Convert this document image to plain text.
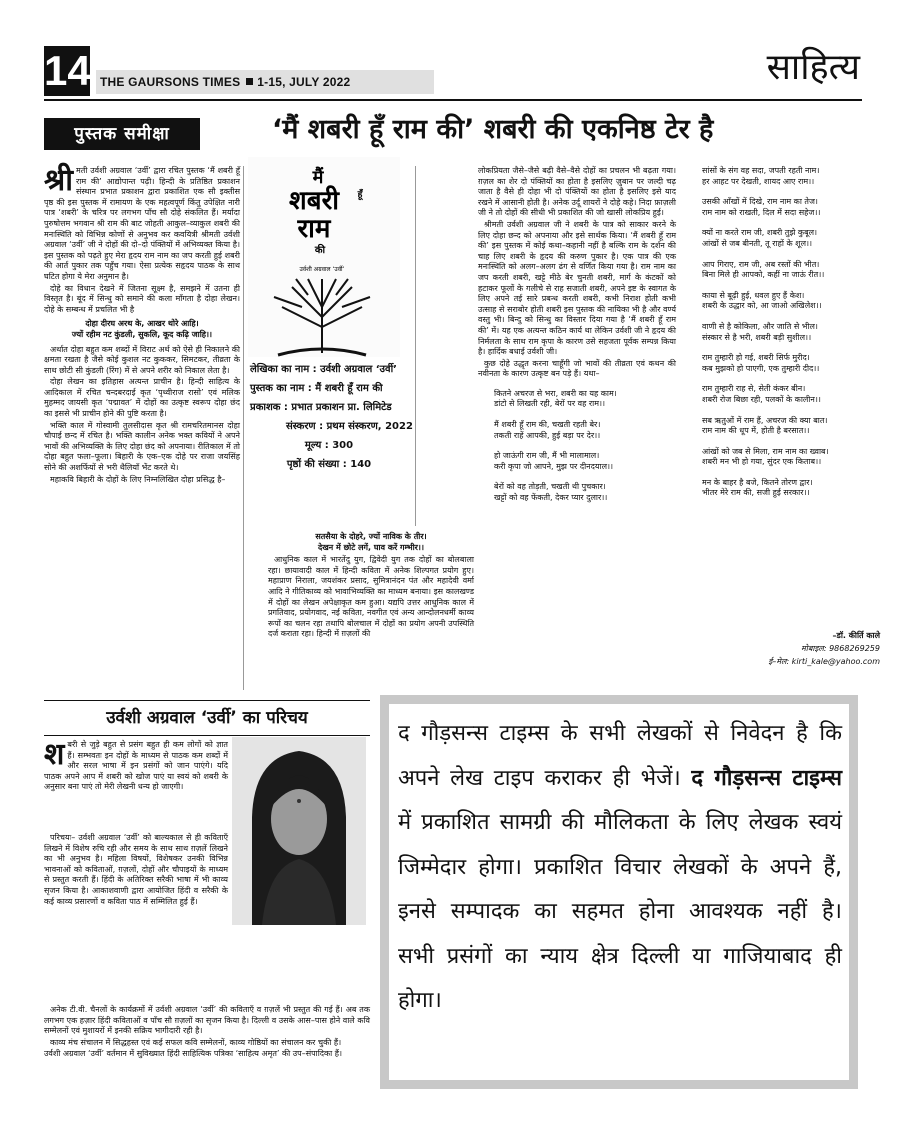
14 THE GAURSONS TIMES 1-15, JULY 2022	साहित्य
पुस्तक समीक्षा	‘मैं शबरी हूँ राम की’ शबरी की एकनिष्ठ टेर है

श्री मती उर्वशी अग्रवाल ‘उर्वी’ द्वारा रचित पुस्तक ‘मैं शबरी हूँ राम की’ आद्योपान्त पढ़ी। हिन्दी के प्रतिष्ठित प्रकाशन संस्थान प्रभात प्रकाशन द्वारा प्रकाशित एक सौ इक्तीस पृष्ठ की इस पुस्तक में रामायण के एक महत्वपूर्ण किंतु उपेक्षित नारी पात्र ‘शबरी’ के चरित्र पर लगभग पाँच सौ दोहे संकलित हैं। मर्यादा पुरुषोत्तम भगवान श्री राम की बाट जोहती आकुल–व्याकुल शबरी की मनःस्थिति को विभिन्न कोणों से अनुभव कर कवयित्री श्रीमती उर्वशी अग्रवाल ‘उर्वी’ जी ने दोहों की दो–दो पंक्तियों में अभिव्यक्त किया है। इस पुस्तक को पढ़ते हुए मेरा हृदय राम नाम का जप करती हुई शबरी की आर्त पुकार तक पहुँच गया। ऐसा प्रत्येक सहृदय पाठक के साथ घटित होगा ये मेरा अनुमान है।

दोहे का विधान देखने में जितना सूक्ष्म है, समझने में उतना ही विस्तृत है। बूंद में सिन्धु को समाने की कला माँगता है दोहा लेखन। दोहे के सम्बन्ध में प्रचलित भी है

दोहा दीरघ अरथ के, आखर थोरे आहि।
ज्यों रहीम नट कुंडली, सुकलि, कूद कढ़ि जाहि।।

अर्थात दोहा बहुत कम शब्दों में विराट अर्थ को ऐसे ही निकालने की क्षमता रखता है जैसे कोई कुशल नट कुककर, सिमटकर, तीव्रता के साथ छोटी सी कुंडली (रिंग) में से अपने शरीर को निकाल लेता है।

दोहा लेखन का इतिहास अत्यन्त प्राचीन है। हिन्दी साहित्य के आदिकाल में रचित चन्दबरदाई कृत ‘पृथ्वीराज रासो’ एवं मलिक मुहम्मद जायसी कृत ‘पद्मावत’ में दोहों का उत्कृष्ट स्वरूप दोहा छंद का इससे भी प्राचीन होने की पुष्टि करता है।

भक्ति काल में गोस्वामी तुलसीदास कृत श्री रामचरितमानस दोहा चौपाई छन्द में रचित है। भक्ति कालीन अनेक भक्त कवियों ने अपने भावों की अभिव्यक्ति के लिए दोहा छंद को अपनाया। रीतिकाल में तो दोहा बहुत फला–फूला। बिहारी के एक–एक दोहे पर राजा जयसिंह सोने की अशर्फियों से भरी थैलियाँ भेंट करते थे।

महाकवि बिहारी के दोहों के लिए निम्नलिखित दोहा प्रसिद्ध है–

मैं
शबरी हूँ
राम
की
उर्वशी अग्रवाल ‘उर्वी’
लेखिका का नाम : उर्वशी अग्रवाल ‘उर्वी’
पुस्तक का नाम : मैं शबरी हूँ राम की
प्रकाशक : प्रभात प्रकाशन प्रा. लिमिटेड
संस्करण : प्रथम संस्करण, 2022
मूल्य : 300
पृष्ठों की संख्या : 140

सतसैया के दोहरे, ज्यों नाविक के तीर।
देखन में छोटे लगें, घाव करें गम्भीर।।

आधुनिक काल में भारतेंदु युग, द्विवेदी युग तक दोहों का बोलबाला रहा। छायावादी काल में हिन्दी कविता में अनेक शिल्पगत प्रयोग हुए। महाप्राण निराला, जयशंकर प्रसाद, सुमित्रानंदन पंत और महादेवी वर्मा आदि ने गीतिकाव्य को भावाभिव्यक्ति का माध्यम बनाया। इस कालखण्ड में दोहों का लेखन अपेक्षाकृत कम हुआ। यद्यपि उत्तर आधुनिक काल में प्रगतिवाद, प्रयोगवाद, नई कविता, नवगीत एवं अन्य आन्दोलनधर्मी काव्य रूपों का चलन रहा तथापि बोलचाल में दोहों का प्रयोग अपनी उपस्थिति दर्ज कराता रहा। हिन्दी में ग़ज़लों की

लोकप्रियता जैसे–जैसे बढ़ी वैसे–वैसे दोहों का प्रचलन भी बढ़ता गया। ग़ज़ल का शेर दो पंक्तियों का होता है इसलिए ज़ुबान पर जल्दी चढ़ जाता है वैसे ही दोहा भी दो पंक्तियों का होता है इसलिए इसे याद रखने में आसानी होती है। अनेक उर्दू शायरों ने दोहे कहे। निदा फ़ाज़ली जी ने तो दोहों की सीधी भी प्रकाशित की जो खासी लोकप्रिय हुई।

श्रीमती उर्वशी अग्रवाल जी ने शबरी के पात्र को साकार करने के लिए दोहा छन्द को अपनाया और इसे सार्थक किया। ‘मैं शबरी हूँ राम की’ इस पुस्तक में कोई कथा–कहानी नहीं है बल्कि राम के दर्शन की चाह लिए शबरी के हृदय की करुण पुकार है। एक पात्र की एक मनःस्थिति को अलग–अलग ढंग से वर्णित किया गया है। राम नाम का जप करती शबरी, खट्टे मीठे बेर चुनती शबरी, मार्ग के कंटकों को हटाकर फूलों के गलीचे से राह सजाती शबरी, अपने इष्ट के स्वागत के लिए अपने तई सारे प्रबन्ध करती शबरी, कभी निराश होती कभी उत्साह से सराबोर होती शबरी इस पुस्तक की नायिका भी है और वर्ण्य वस्तु भी। बिन्दु को सिन्धु का विस्तार दिया गया है ‘मैं शबरी हूँ राम की’ में। यह एक अत्यन्त कठिन कार्य था लेकिन उर्वशी जी ने हृदय की निर्मलता के साथ राम कृपा के कारण उसे सहजता पूर्वक सम्पन्न किया है। हार्दिक बधाई उर्वशी जी।

कुछ दोहे उद्धृत करना चाहूँगी जो भावों की तीव्रता एवं कथन की नवीनता के कारण उत्कृष्ट बन पड़े हैं। यथा–

कितने अचरज से भरा, शबरी का यह काम।
डांटो से लिखती रही, बेरों पर वह राम।।

मैं शबरी हूँ राम की, चखती रहती बेर।
तकती राहें आपकी, हुई बड़ा पर देर।।

हो जाऊंगी राम जी, मैं भी मालामाल।
करी कृपा जो आपने, मुझ पर दीनदयाल।।

बेरों को वह तोड़ती, चखती थी पुचकार।
खट्टों को वह फेंकती, देकर प्यार दुलार।।

सांसों के संग वह सदा, जपती रहती नाम।
हर आहट पर देखती, शायद आए राम।।

उसकी आँखों में दिखे, राम नाम का तेज।
राम नाम को राखती, दिल में सदा सहेज।।

क्यों ना करते राम जी, शबरी तुझे कुबूल।
आंखों से जब बीनती, तू राहों के शूल।।

आप गिराए, राम जी, अब रस्तों की भीत।
बिना मिले ही आपको, कहीं ना जाऊं रीत।।

काया से बूढ़ी हुई, धवल हुए हैं केश।
शबरी के उद्धार को, आ जाओ अखिलेश।।

वाणी से है कोकिला, और जाति से भील।
संस्कार से है भरी, शबरी बड़ी सुशील।।

राम तुम्हारी हो गई, शबरी सिर्फ मुरीद।
कब मुझको हो पाएगी, एक तुम्हारी दीद।।

राम तुम्हारी राह से, सेती कंकर बीन।
शबरी रोज बिछा रही, पलकों के कालीन।।

सब ऋतुओं में राम हैं, अचरज की क्या बात।
राम नाम की धूप में, होती है बरसात।।

आंखों को जब से मिला, राम नाम का ख्वाब।
शबरी मन भी हो गया, सुंदर एक किताब।।

मन के बाहर है बजे, कितने तोरण द्वार।
भीतर मेरे राम की, सजी हुई सरकार।।

–डॉ. कीर्ति काले
मोबाइल: 9868269259
ई–मेल: kirti_kale@yahoo.com
उर्वशी अग्रवाल ‘उर्वी’ का परिचय

शबरी से जुड़े बहुत से प्रसंग बहुत ही कम लोगों को ज्ञात हैं। सम्भवतः इन दोहों के माध्यम से पाठक कम शब्दों में और सरल भाषा में इन प्रसंगों को जान पाएंगे। यदि पाठक अपने आप में शबरी को खोज पाएं या स्वयं को शबरी के अनुसार बना पाएं तो मेरी लेखनी धन्य हो जाएगी।

परिचयः– उर्वशी अग्रवाल ‘उर्वी’ को बाल्यकाल से ही कविताएँ लिखने में विशेष रुचि रही और समय के साथ साथ ग़ज़लें लिखने का भी अनुभव है। महिला विषयों, विशेषकर उनकी विभिन्न भावनाओं को कविताओं, ग़ज़लों, दोहों और चौपाइयों के माध्यम से प्रस्तुत करती हैं। हिंदी के अतिरिक्त सरैकी भाषा में भी काव्य सृजन किया है। आकाशवाणी द्वारा आयोजित हिंदी व सरैकी के कई काव्य प्रसारणों व कविता पाठ में सम्मिलित हुई हैं।

अनेक टी.वी. चैनलों के कार्यक्रमों में उर्वशी अग्रवाल ‘उर्वी’ की कविताएँ व ग़ज़लें भी प्रस्तुत की गई हैं। अब तक लगभग एक हज़ार हिंदी कविताओं व पाँच सौ ग़ज़लों का सृजन किया है। दिल्ली व उसके आस–पास होने वाले कवि सम्मेलनों एवं मुशायरों में इनकी सक्रिय भागीदारी रही है।

काव्य मंच संचालन में सिद्धहस्त एवं कई सफल कवि सम्मेलनों, काव्य गोष्ठियों का संचालन कर चुकी हैं।

उर्वशी अग्रवाल ‘उर्वी’ वर्तमान में सुविख्यात हिंदी साहित्यिक पत्रिका ‘साहित्य अमृत’ की उप–संपादिका हैं।

द गौड़सन्स टाइम्स के सभी लेखकों से निवेदन है कि अपने लेख टाइप कराकर ही भेजें। द गौड़सन्स टाइम्स में प्रकाशित सामग्री की मौलिकता के लिए लेखक स्वयं जिम्मेदार होगा। प्रकाशित विचार लेखकों के अपने हैं, इनसे सम्पादक का सहमत होना आवश्यक नहीं है। सभी प्रसंगों का न्याय क्षेत्र दिल्ली या गाजियाबाद ही होगा।
